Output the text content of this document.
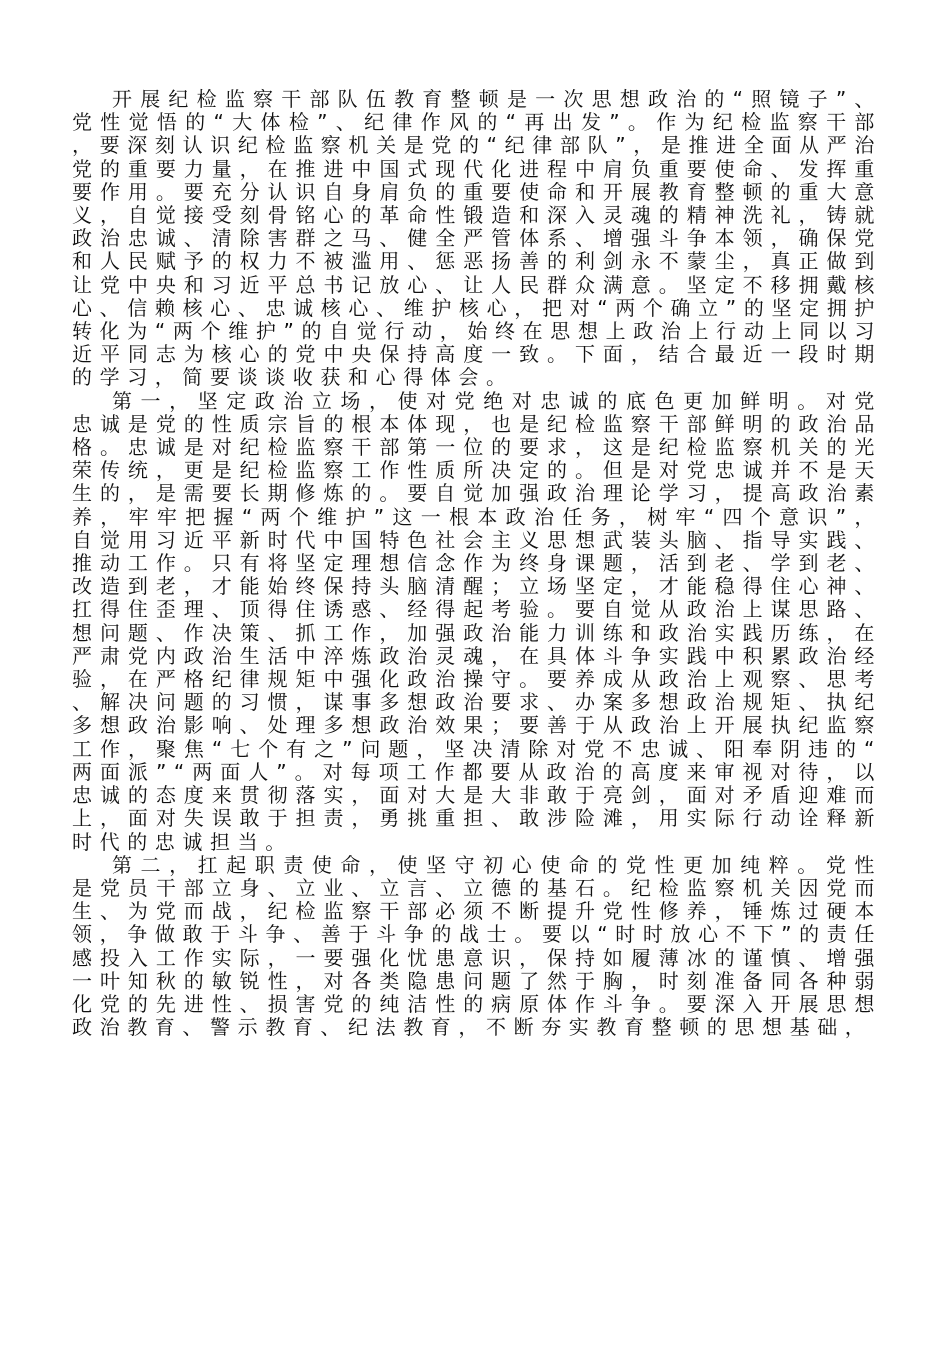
开展纪检监察干部队伍教育整顿是一次思想政治的“照镜子”、党性觉悟的“大体检”、纪律作风的“再出发”。作为纪检监察干部，要深刻认识纪检监察机关是党的“纪律部队”，是推进全面从严治党的重要力量，在推进中国式现代化进程中肩负重要使命、发挥重要作用。要充分认识自身肩负的重要使命和开展教育整顿的重大意义，自觉接受刻骨铭心的革命性锻造和深入灵魂的精神洗礼，铸就政治忠诚、清除害群之马、健全严管体系、增强斗争本领，确保党和人民赋予的权力不被滥用、惩恶扬善的利剑永不蒙尘，真正做到让党中央和习近平总书记放心、让人民群众满意。坚定不移拥戴核心、信赖核心、忠诚核心、维护核心，把对“两个确立”的坚定拥护转化为“两个维护”的自觉行动，始终在思想上政治上行动上同以习近平同志为核心的党中央保持高度一致。下面，结合最近一段时期的学习，简要谈谈收获和心得体会。

第一，坚定政治立场，使对党绝对忠诚的底色更加鲜明。对党忠诚是党的性质宗旨的根本体现，也是纪检监察干部鲜明的政治品格。忠诚是对纪检监察干部第一位的要求，这是纪检监察机关的光荣传统，更是纪检监察工作性质所决定的。但是对党忠诚并不是天生的，是需要长期修炼的。要自觉加强政治理论学习，提高政治素养，牢牢把握“两个维护”这一根本政治任务，树牢“四个意识”，自觉用习近平新时代中国特色社会主义思想武装头脑、指导实践、推动工作。只有将坚定理想信念作为终身课题，活到老、学到老、改造到老，才能始终保持头脑清醒；立场坚定，才能稳得住心神、扛得住歪理、顶得住诱惑、经得起考验。要自觉从政治上谋思路、想问题、作决策、抓工作，加强政治能力训练和政治实践历练，在严肃党内政治生活中淬炼政治灵魂，在具体斗争实践中积累政治经验，在严格纪律规矩中强化政治操守。要养成从政治上观察、思考、解决问题的习惯，谋事多想政治要求、办案多想政治规矩、执纪多想政治影响、处理多想政治效果；要善于从政治上开展执纪监察工作，聚焦“七个有之”问题，坚决清除对党不忠诚、阳奉阴违的“两面派”“两面人”。对每项工作都要从政治的高度来审视对待，以忠诚的态度来贯彻落实，面对大是大非敢于亮剑，面对矛盾迎难而上，面对失误敢于担责，勇挑重担、敢涉险滩，用实际行动诠释新时代的忠诚担当。

第二，扛起职责使命，使坚守初心使命的党性更加纯粹。党性是党员干部立身、立业、立言、立德的基石。纪检监察机关因党而生、为党而战，纪检监察干部必须不断提升党性修养，锤炼过硬本领，争做敢于斗争、善于斗争的战士。要以“时时放心不下”的责任感投入工作实际，一要强化忧患意识，保持如履薄冰的谨慎、增强一叶知秋的敏锐性，对各类隐患问题了然于胸，时刻准备同各种弱化党的先进性、损害党的纯洁性的病原体作斗争。要深入开展思想政治教育、警示教育、纪法教育，不断夯实教育整顿的思想基础，
